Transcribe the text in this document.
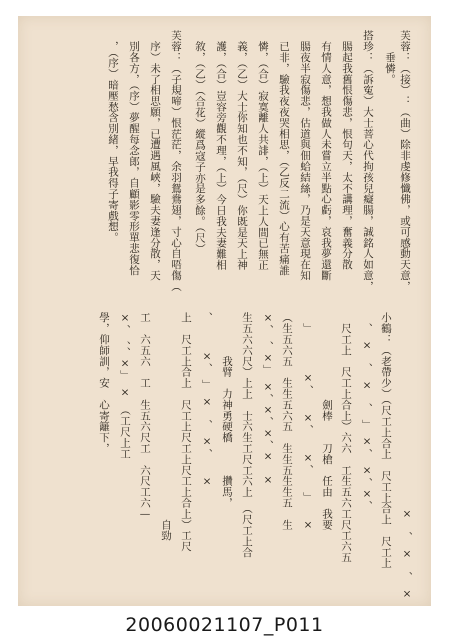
芙蓉：（接）：（曲）除非虔修懺佛，或可感動天意，
　　垂憐。
搭珍：（訴寃）大士菩心代拘孩兒癡腸，誠銘人如意，
　腸起我舊恨傷悲，恨句天，太不講理，奮義分散
　有情人意，想我做人未嘗立半點心虧，哀我夢還斷
　腸夜半寂傷悲，估道與佃蛤結絲，乃是天意現在知
　已非，驗我夜夜哭相思，（乙反二流）心有苦痛誰
　憐，（合）寂寞離人共誹，（上）天上人間已無正
　義，（乙）大士你知也不知，（尺）你既是天上神
　護，（合）豈容旁觀不理，（上）今日我夫妻難相
　敘，（乙）（合花）縱爲寇子亦是多餘。（尺）
芙蓉：（子規啼）恨茫茫，余羽鴛鴦翅，寸心自唔傷（
　序）未了相思願，已遭遇風峽，驗夫妻逢分散，天
　別各方，（序）夢醒每念郎，自顧影零形單悲復恰
　，（序）暗壓愁含別緒，早我得子寄戲想。
　　　　　　　　　　　　　　　　　　×　、　×　、　×
小鶴：（老帶少）（尺工上合上　尺工上合上　尺工上
　、　×　、　×　、　」　×、　×、×、
　尺工上　尺工上合上）六六　工生五六工尺工六五
　　　　　　　　劍棒　　刀槍　任由　我要
　」　　　　×、　　×、　　×、　　」　　×
（生五六五　生生五六五　生生五生生五　生
×、　、×」　×、×、×、×　×
生五六六尺）上上　士六生工尺工六上　（尺工上合
　　　　我臂　力神勇硬橋　　　攢馬，
、　　　×、　」　×　、　×、　　×
上　尺工上合上　尺工上尺工上尺工上合上）工尺
　　　　　　　　　　　　　　　　　　　自勁
工　六五六　工　生五六尺工　六尺工六—
×、　、、×」　×　（工尺上工
學，仰師訓，安　心寄籬下，
20060021107_P011
